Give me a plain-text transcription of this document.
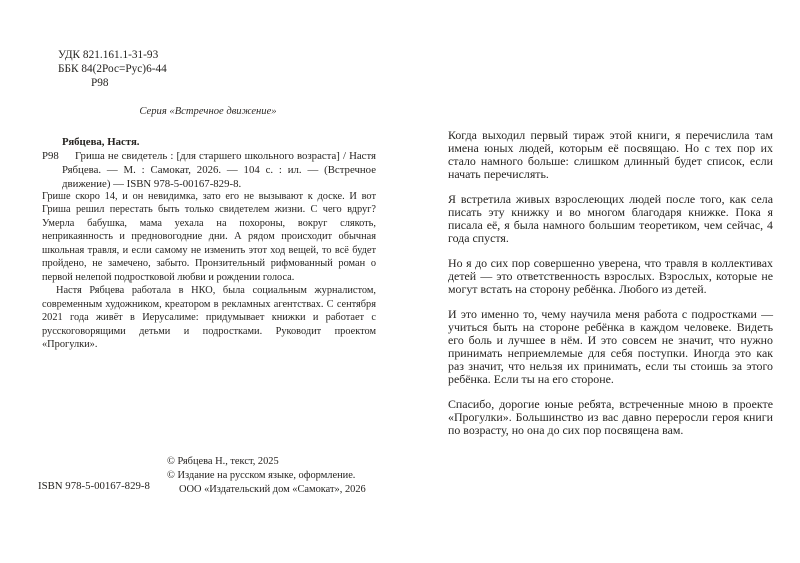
УДК 821.161.1-31-93
ББК 84(2Рос=Рус)6-44
Р98
Серия «Встречное движение»

Рябцева, Настя.

Р98 Гриша не свидетель : [для старшего школьного возраста] / Настя Рябцева. — М. : Самокат, 2026. — 104 с. : ил. — (Встречное движение) — ISBN 978-5-00167-829-8.

Грише скоро 14, и он невидимка, зато его не вызывают к доске. И вот Гриша решил перестать быть только свидетелем жизни. С чего вдруг? Умерла бабушка, мама уехала на похороны, вокруг слякоть, неприкаянность и предновогодние дни. А рядом происходит обычная школьная травля, и если самому не изменить этот ход вещей, то всё будет пройдено, не замечено, забыто. Пронзительный рифмованный роман о первой нелепой подростковой любви и рождении голоса.

Настя Рябцева работала в НКО, была социальным журналистом, современным художником, креатором в рекламных агентствах. С сентября 2021 года живёт в Иерусалиме: придумывает книжки и работает с русскоговорящими детьми и подростками. Руководит проектом «Прогулки».

ISBN 978-5-00167-829-8

© Рябцева Н., текст, 2025

© Издание на русском языке, оформление.

ООО «Издательский дом «Самокат», 2026

Когда выходил первый тираж этой книги, я перечислила там имена юных людей, которым её посвящаю. Но с тех пор их стало намного больше: слишком длинный будет список, если начать перечислять.

Я встретила живых взрослеющих людей после того, как села писать эту книжку и во многом благодаря книжке. Пока я писала её, я была намного большим теоретиком, чем сейчас, 4 года спустя.

Но я до сих пор совершенно уверена, что травля в коллективах детей — это ответственность взрослых. Взрослых, которые не могут встать на сторону ребёнка. Любого из детей.

И это именно то, чему научила меня работа с подростками — учиться быть на стороне ребёнка в каждом человеке. Видеть его боль и лучшее в нём. И это совсем не значит, что нужно принимать неприемлемые для себя поступки. Иногда это как раз значит, что нельзя их принимать, если ты стоишь за этого ребёнка. Если ты на его стороне.

Спасибо, дорогие юные ребята, встреченные мною в проекте «Прогулки». Большинство из вас давно переросли героя книги по возрасту, но она до сих пор посвящена вам.
